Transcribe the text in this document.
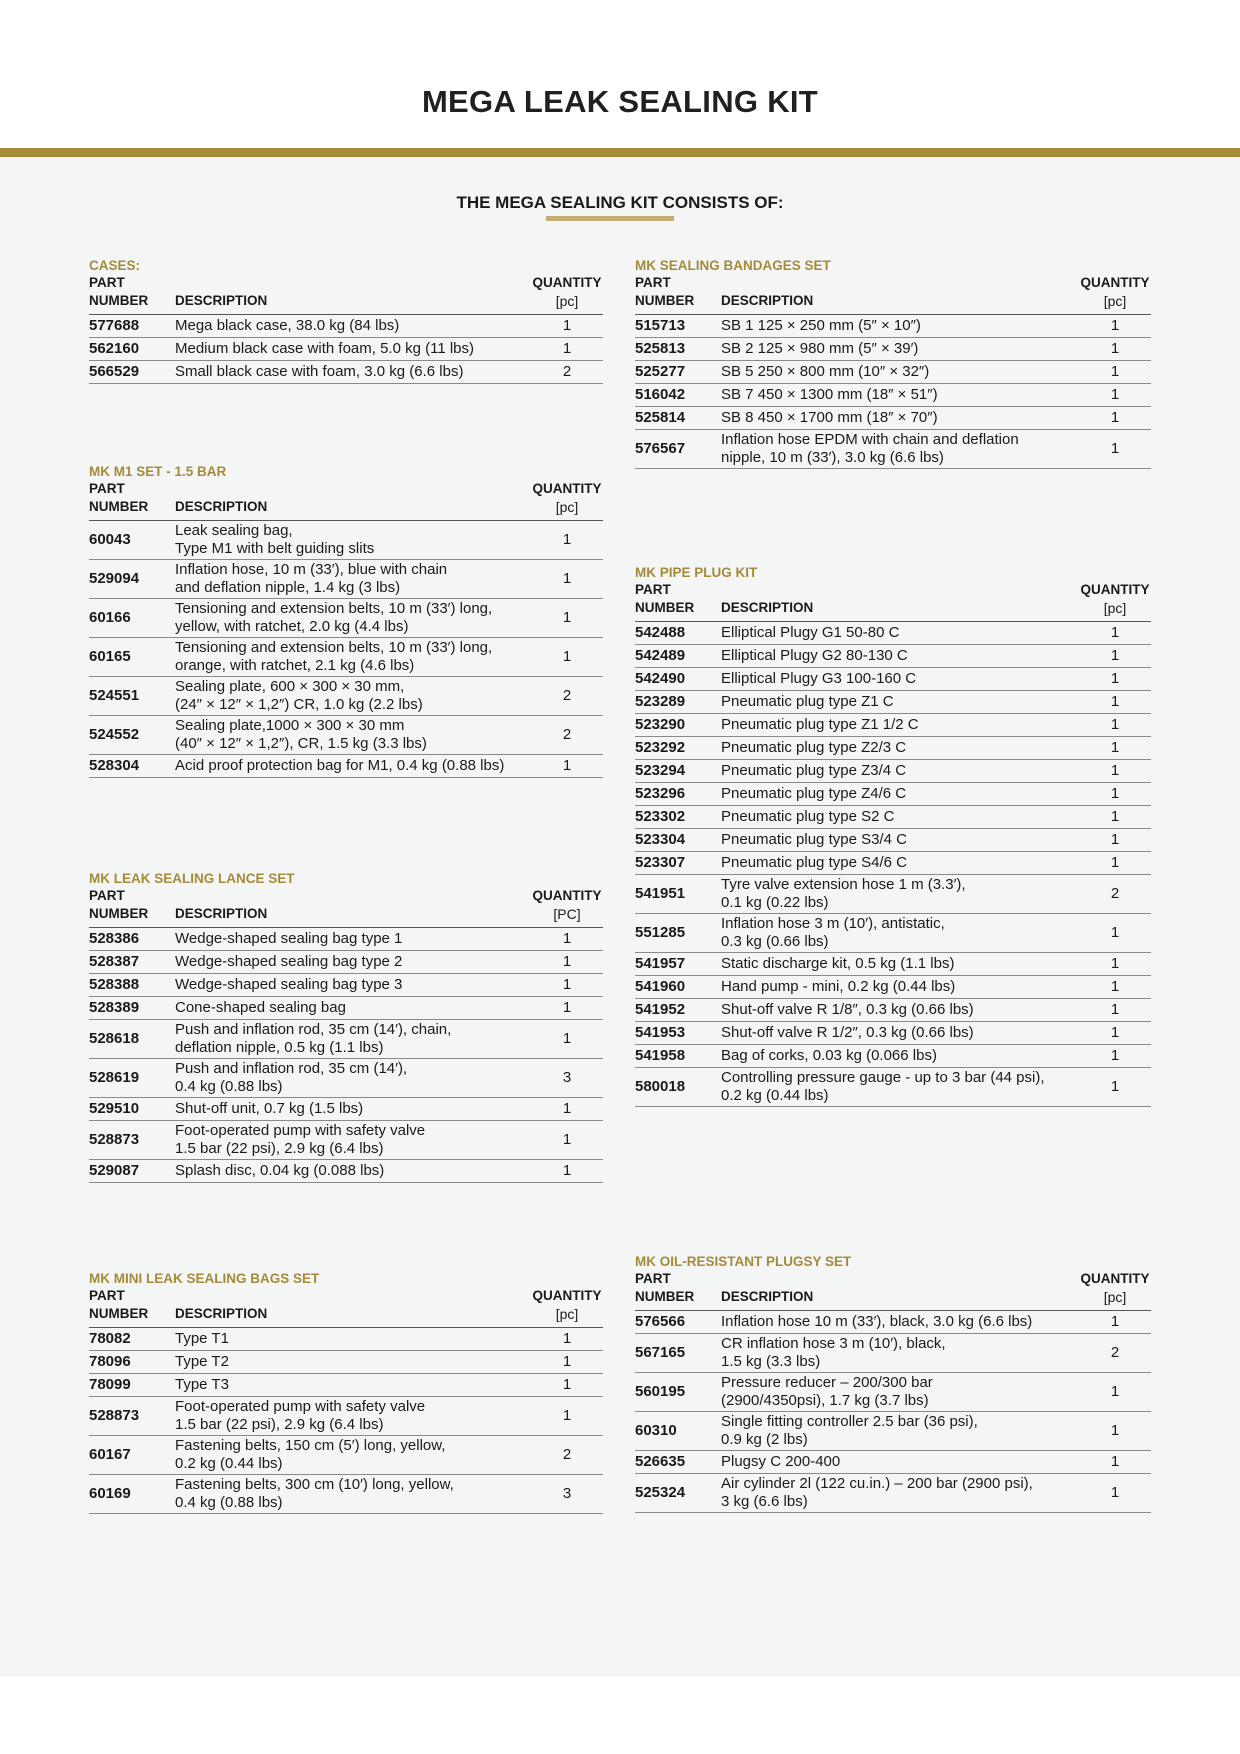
MEGA LEAK SEALING KIT
THE MEGA SEALING KIT CONSISTS OF:
CASES:
PART
NUMBER	DESCRIPTION	QUANTITY
[pc]

577688	Mega black case, 38.0 kg (84 lbs)	1
562160	Medium black case with foam, 5.0 kg (11 lbs)	1
566529	Small black case with foam, 3.0 kg (6.6 lbs)	2
MK M1 SET - 1.5 BAR
PART
NUMBER	DESCRIPTION	QUANTITY
[pc]

60043	Leak sealing bag,
Type M1 with belt guiding slits	1
529094	Inflation hose, 10 m (33′), blue with chain
and deflation nipple, 1.4 kg (3 lbs)	1
60166	Tensioning and extension belts, 10 m (33′) long,
yellow, with ratchet, 2.0 kg (4.4 lbs)	1
60165	Tensioning and extension belts, 10 m (33′) long,
orange, with ratchet, 2.1 kg (4.6 lbs)	1
524551	Sealing plate, 600 × 300 × 30 mm,
(24″ × 12″ × 1,2″) CR, 1.0 kg (2.2 lbs)	2
524552	Sealing plate,1000 × 300 × 30 mm
(40″ × 12″ × 1,2″), CR, 1.5 kg (3.3 lbs)	2
528304	Acid proof protection bag for M1, 0.4 kg (0.88 lbs)	1
MK LEAK SEALING LANCE SET
PART
NUMBER	DESCRIPTION	QUANTITY
[PC]

528386	Wedge-shaped sealing bag type 1	1
528387	Wedge-shaped sealing bag type 2	1
528388	Wedge-shaped sealing bag type 3	1
528389	Cone-shaped sealing bag	1
528618	Push and inflation rod, 35 cm (14′), chain,
deflation nipple, 0.5 kg (1.1 lbs)	1
528619	Push and inflation rod, 35 cm (14′),
0.4 kg (0.88 lbs)	3
529510	Shut-off unit, 0.7 kg (1.5 lbs)	1
528873	Foot-operated pump with safety valve
1.5 bar (22 psi), 2.9 kg (6.4 lbs)	1
529087	Splash disc, 0.04 kg (0.088 lbs)	1
MK MINI LEAK SEALING BAGS SET
PART
NUMBER	DESCRIPTION	QUANTITY
[pc]

78082	Type T1	1
78096	Type T2	1
78099	Type T3	1
528873	Foot-operated pump with safety valve
1.5 bar (22 psi), 2.9 kg (6.4 lbs)	1
60167	Fastening belts, 150 cm (5′) long, yellow,
0.2 kg (0.44 lbs)	2
60169	Fastening belts, 300 cm (10′) long, yellow,
0.4 kg (0.88 lbs)	3
MK SEALING BANDAGES SET
PART
NUMBER	DESCRIPTION	QUANTITY
[pc]

515713	SB 1 125 × 250 mm (5″ × 10″)	1
525813	SB 2 125 × 980 mm (5″ × 39′)	1
525277	SB 5 250 × 800 mm (10″ × 32″)	1
516042	SB 7 450 × 1300 mm (18″ × 51″)	1
525814	SB 8 450 × 1700 mm (18″ × 70″)	1
576567	Inflation hose EPDM with chain and deflation
nipple, 10 m (33′), 3.0 kg (6.6 lbs)	1
MK PIPE PLUG KIT
PART
NUMBER	DESCRIPTION	QUANTITY
[pc]

542488	Elliptical Plugy G1 50-80 C	1
542489	Elliptical Plugy G2 80-130 C	1
542490	Elliptical Plugy G3 100-160 C	1
523289	Pneumatic plug type Z1 C	1
523290	Pneumatic plug type Z1 1/2 C	1
523292	Pneumatic plug type Z2/3 C	1
523294	Pneumatic plug type Z3/4 C	1
523296	Pneumatic plug type Z4/6 C	1
523302	Pneumatic plug type S2 C	1
523304	Pneumatic plug type S3/4 C	1
523307	Pneumatic plug type S4/6 C	1
541951	Tyre valve extension hose 1 m (3.3′),
0.1 kg (0.22 lbs)	2
551285	Inflation hose 3 m (10′), antistatic,
0.3 kg (0.66 lbs)	1
541957	Static discharge kit, 0.5 kg (1.1 lbs)	1
541960	Hand pump - mini, 0.2 kg (0.44 lbs)	1
541952	Shut-off valve R 1/8″, 0.3 kg (0.66 lbs)	1
541953	Shut-off valve R 1/2″, 0.3 kg (0.66 lbs)	1
541958	Bag of corks, 0.03 kg (0.066 lbs)	1
580018	Controlling pressure gauge - up to 3 bar (44 psi),
0.2 kg (0.44 lbs)	1
MK OIL-RESISTANT PLUGSY SET
PART
NUMBER	DESCRIPTION	QUANTITY
[pc]

576566	Inflation hose 10 m (33′), black, 3.0 kg (6.6 lbs)	1
567165	CR inflation hose 3 m (10′), black,
1.5 kg (3.3 lbs)	2
560195	Pressure reducer – 200/300 bar
(2900/4350psi), 1.7 kg (3.7 lbs)	1
60310	Single fitting controller 2.5 bar (36 psi),
0.9 kg (2 lbs)	1
526635	Plugsy C 200-400	1
525324	Air cylinder 2l (122 cu.in.) – 200 bar (2900 psi),
3 kg (6.6 lbs)	1
